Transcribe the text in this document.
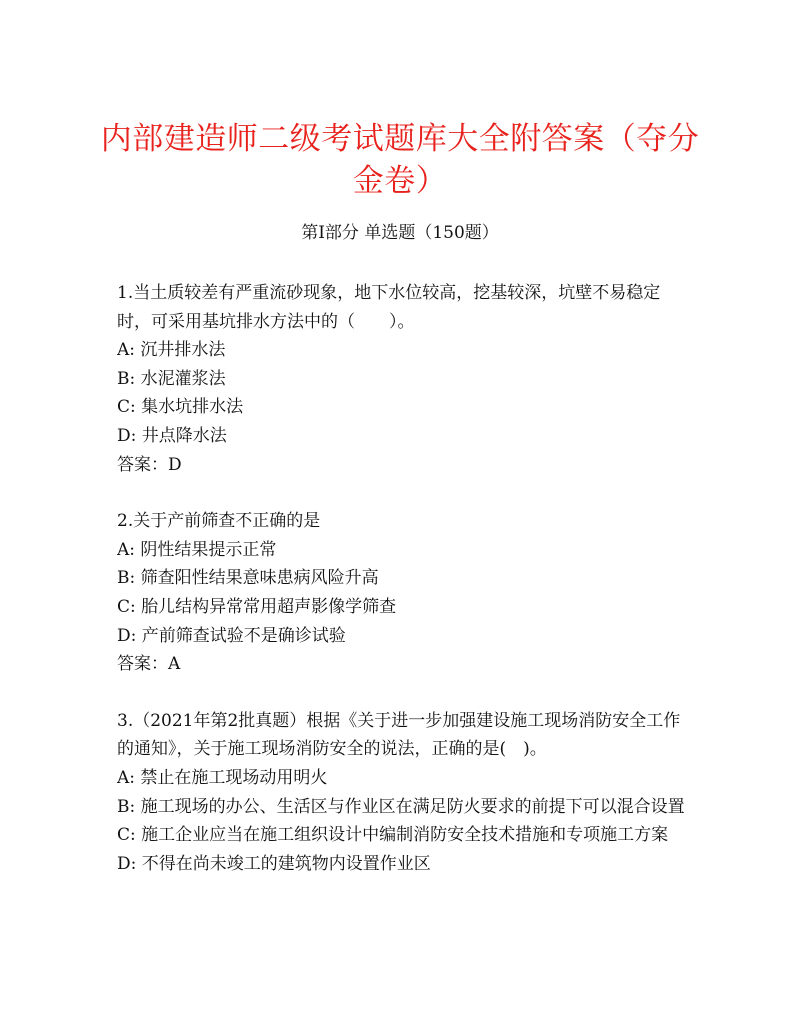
内部建造师二级考试题库大全附答案（夺分金卷）
第Ⅰ部分 单选题（150题）
1.当土质较差有严重流砂现象，地下水位较高，挖基较深，坑壁不易稳定时，可采用基坑排水方法中的（　　）。
A: 沉井排水法
B: 水泥灌浆法
C: 集水坑排水法
D: 井点降水法
答案：D
2.关于产前筛查不正确的是
A: 阴性结果提示正常
B: 筛查阳性结果意味患病风险升高
C: 胎儿结构异常常用超声影像学筛查
D: 产前筛查试验不是确诊试验
答案：A
3.（2021年第2批真题）根据《关于进一步加强建设施工现场消防安全工作的通知》，关于施工现场消防安全的说法，正确的是(　)。
A: 禁止在施工现场动用明火
B: 施工现场的办公、生活区与作业区在满足防火要求的前提下可以混合设置
C: 施工企业应当在施工组织设计中编制消防安全技术措施和专项施工方案
D: 不得在尚未竣工的建筑物内设置作业区
